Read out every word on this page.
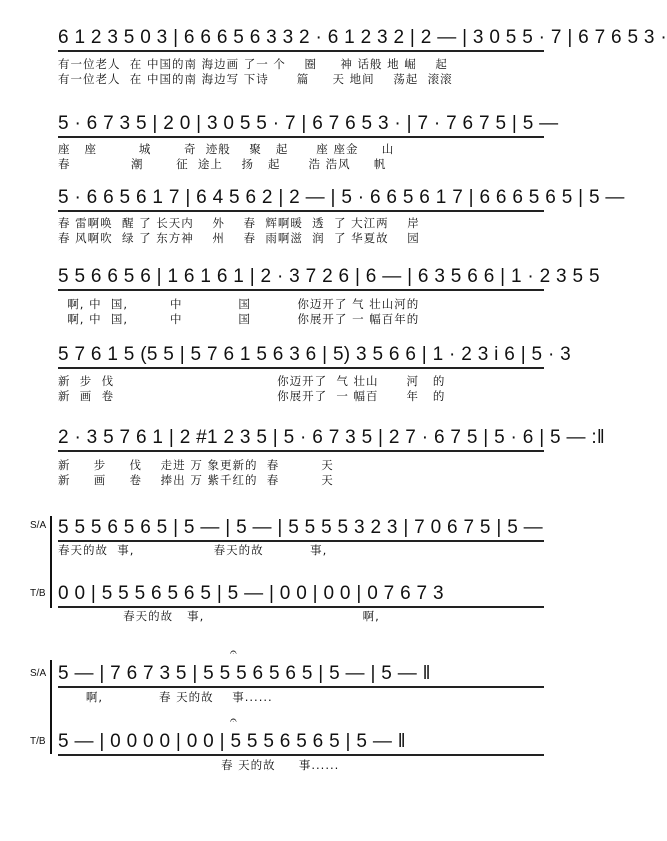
6 1 2 3 5 0 3 | 6 6 6 5 6 3 3 2 · 6 1 2 3 2 | 2 — | 3 0 5 5 · 7 | 6 7 6 5 3 ·
有一位老人  在 中国的南 海边画 了一 个    圈     神 话般 地 崛    起
有一位老人  在 中国的南 海边写 下诗      篇     天 地间    荡起  滚滚
5 · 6 7 3 5 | 2 0 | 3 0 5 5 · 7 | 6 7 6 5 3 · | 7 · 7 6 7 5 | 5 —
座   座         城       奇  迹般    聚   起      座 座金     山
春             潮       征  途上    扬   起      浩 浩风     帆
5 · 6 6 5 6 1 7 | 6 4 5 6 2 | 2 — | 5 · 6 6 5 6 1 7 | 6 6 6 5 6 5 | 5 —
春 雷啊唤  醒 了 长天内    外    春  辉啊暖  透  了 大江两    岸
春 风啊吹  绿 了 东方神    州    春  雨啊滋  润  了 华夏故    园
5 5 6 6 5 6 | 1 6 1 6 1 | 2 · 3 7 2 6 | 6 — | 6 3 5 6 6 | 1 · 2 3 5 5
啊, 中  国,         中            国          你迈开了 气 壮山河的
啊, 中  国,         中            国          你展开了 一 幅百年的
5 7 6 1 5 (5 5 | 5 7 6 1 5 6 3 6 | 5) 3 5 6 6 | 1 · 2 3 i 6 | 5 · 3
新  步  伐                                   你迈开了  气 壮山      河   的
新  画  卷                                   你展开了  一 幅百      年   的
2 · 3 5 7 6 1 | 2 #1 2 3 5 | 5 · 6 7 3 5 | 2 7 · 6 7 5 | 5 · 6 | 5 — :‖
新     步     伐    走进 万 象更新的  春         天
新     画     卷    捧出 万 紫千红的  春         天
S/A 5 5 5 6 5 6 5 | 5 — | 5 — | 5 5 5 5 3 2 3 | 7 0 6 7 5 | 5 —
春天的故  事,                 春天的故          事,
T/B 0 0 | 5 5 5 6 5 6 5 | 5 — | 0 0 | 0 0 | 0 7 6 7 3
春天的故   事,                                  啊,
S/A
𝄐
5 — | 7 6 7 3 5 | 5 5 5 6 5 6 5 | 5 — | 5 — ‖
啊,            春 天的故    事......
T/B
𝄐
5 — | 0 0 0 0 | 0 0 | 5 5 5 6 5 6 5 | 5 — ‖
春 天的故     事......
